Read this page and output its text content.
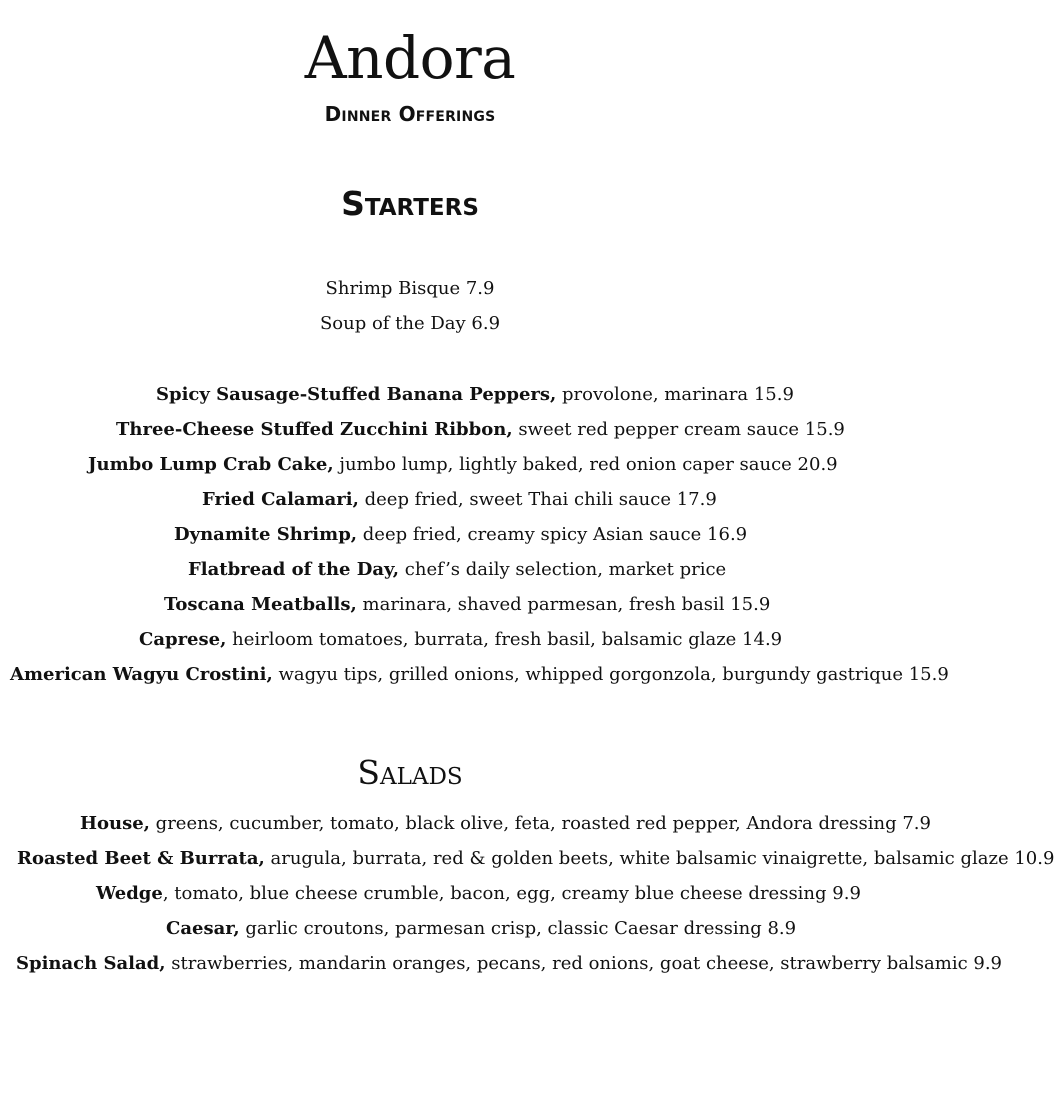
Andora
Dinner Offerings
Starters
Shrimp Bisque 7.9
Soup of the Day 6.9
Spicy Sausage-Stuffed Banana Peppers, provolone, marinara 15.9
Three-Cheese Stuffed Zucchini Ribbon, sweet red pepper cream sauce 15.9
Jumbo Lump Crab Cake, jumbo lump, lightly baked, red onion caper sauce 20.9
Fried Calamari, deep fried, sweet Thai chili sauce 17.9
Dynamite Shrimp, deep fried, creamy spicy Asian sauce 16.9
Flatbread of the Day, chef’s daily selection, market price
Toscana Meatballs, marinara, shaved parmesan, fresh basil 15.9
Caprese, heirloom tomatoes, burrata, fresh basil, balsamic glaze 14.9
American Wagyu Crostini, wagyu tips, grilled onions, whipped gorgonzola, burgundy gastrique 15.9
Salads
House, greens, cucumber, tomato, black olive, feta, roasted red pepper, Andora dressing 7.9
Roasted Beet & Burrata, arugula, burrata, red & golden beets, white balsamic vinaigrette, balsamic glaze 10.9
Wedge, tomato, blue cheese crumble, bacon, egg, creamy blue cheese dressing 9.9
Caesar, garlic croutons, parmesan crisp, classic Caesar dressing 8.9
Spinach Salad, strawberries, mandarin oranges, pecans, red onions, goat cheese, strawberry balsamic 9.9
